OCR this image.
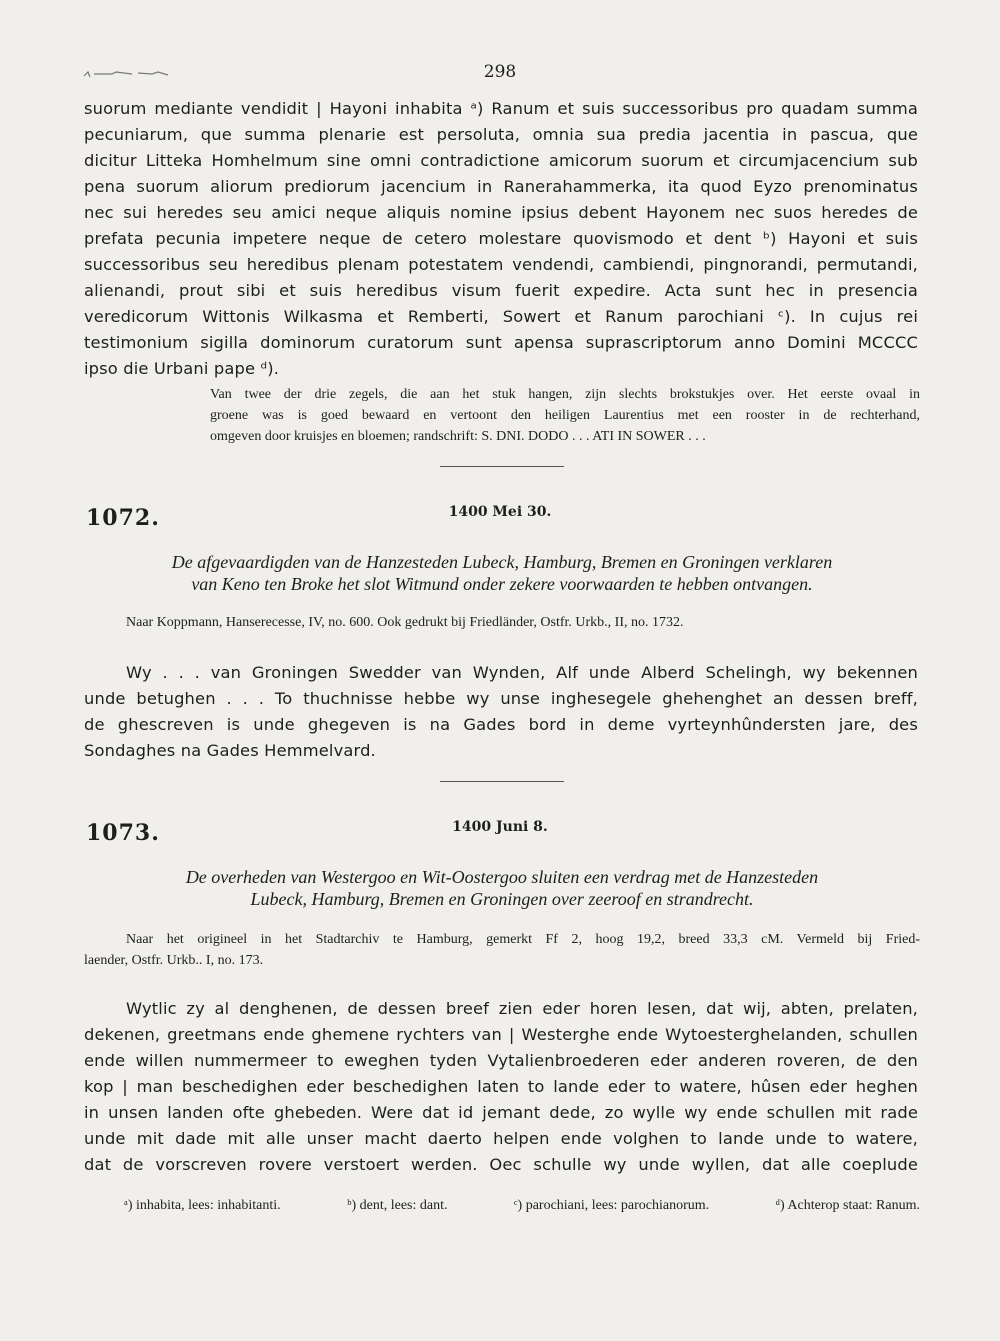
298
suorum mediante vendidit | Hayoni inhabita ᵃ) Ranum et suis successoribus pro quadam summa
pecuniarum, que summa plenarie est persoluta, omnia sua predia jacentia in pascua, que
dicitur Litteka Homhelmum sine omni contradictione amicorum suorum et circumjacencium sub
pena suorum aliorum prediorum jacencium in Ranerahammerka, ita quod Eyzo prenominatus
nec sui heredes seu amici neque aliquis nomine ipsius debent Hayonem nec suos heredes de
prefata pecunia impetere neque de cetero molestare quovismodo et dent ᵇ) Hayoni et suis
successoribus seu heredibus plenam potestatem vendendi, cambiendi, pingnorandi, permutandi,
alienandi, prout sibi et suis heredibus visum fuerit expedire. Acta sunt hec in presencia
veredicorum Wittonis Wilkasma et Remberti, Sowert et Ranum parochiani ᶜ). In cujus rei
testimonium sigilla dominorum curatorum sunt apensa suprascriptorum anno Domini MCCCC
ipso die Urbani pape ᵈ).
Van twee der drie zegels, die aan het stuk hangen, zijn slechts brokstukjes over. Het eerste ovaal in
groene was is goed bewaard en vertoont den heiligen Laurentius met een rooster in de rechterhand,
omgeven door kruisjes en bloemen; randschrift: S. DNI. DODO . . . ATI IN SOWER . . .
1072.	1400 Mei 30.
De afgevaardigden van de Hanzesteden Lubeck, Hamburg, Bremen en Groningen verklaren
van Keno ten Broke het slot Witmund onder zekere voorwaarden te hebben ontvangen.
Naar Koppmann, Hanserecesse, IV, no. 600. Ook gedrukt bij Friedländer, Ostfr. Urkb., II, no. 1732.
Wy . . . van Groningen Swedder van Wynden, Alf unde Alberd Schelingh, wy bekennen
unde betughen . . . To thuchnisse hebbe wy unse inghesegele ghehenghet an dessen breff,
de ghescreven is unde ghegeven is na Gades bord in deme vyrteynhûndersten jare, des
Sondaghes na Gades Hemmelvard.
1073.	1400 Juni 8.
De overheden van Westergoo en Wit-Oostergoo sluiten een verdrag met de Hanzesteden
Lubeck, Hamburg, Bremen en Groningen over zeeroof en strandrecht.
Naar het origineel in het Stadtarchiv te Hamburg, gemerkt Ff 2, hoog 19,2, breed 33,3 cM. Vermeld bij Fried-
laender, Ostfr. Urkb.. I, no. 173.
Wytlic zy al denghenen, de dessen breef zien eder horen lesen, dat wij, abten, prelaten,
dekenen, greetmans ende ghemene rychters van | Westerghe ende Wytoesterghelanden, schullen
ende willen nummermeer to eweghen tyden Vytalienbroederen eder anderen roveren, de den
kop | man beschedighen eder beschedighen laten to lande eder to watere, hûsen eder heghen
in unsen landen ofte ghebeden. Were dat id jemant dede, zo wylle wy ende schullen mit rade
unde mit dade mit alle unser macht daerto helpen ende volghen to lande unde to watere,
dat de vorscreven rovere verstoert werden. Oec schulle wy unde wyllen, dat alle coeplude
ᵃ) inhabita, lees: inhabitanti.	ᵇ) dent, lees: dant.	ᶜ) parochiani, lees: parochianorum.	ᵈ) Achterop staat: Ranum.
